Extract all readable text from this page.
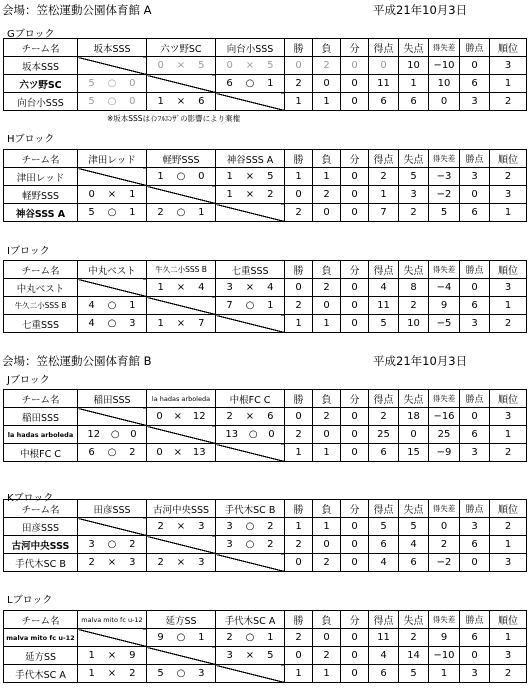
会場：笠松運動公園体育館 A	平成21年10月3日
Gブロック
チーム名	坂本SSS	六ツ野SC	向台小SSS	勝	負	分	得点	失点	得失差	勝点	順位
坂本SSS		0 × 5	0 × 5	0	2	0	0	10	−10	0	3
六ツ野SC	5 ○ 0		6 ○ 1	2	0	0	11	1	10	6	1
向台小SSS	5 ○ 0	1 × 6		1	1	0	6	6	0	3	2
※坂本SSSはｲﾝﾌﾙｴﾝｻﾞの影響により棄権
Hブロック
チーム名	津田レッド	軽野SSS	神谷SSS A	勝	負	分	得点	失点	得失差	勝点	順位
津田レッド		1 ○ 0	1 × 5	1	1	0	2	5	−3	3	2
軽野SSS	0 × 1		1 × 2	0	2	0	1	3	−2	0	3
神谷SSS A	5 ○ 1	2 ○ 1		2	0	0	7	2	5	6	1
Iブロック
チーム名	中丸ベスト	牛久二小SSS B	七重SSS	勝	負	分	得点	失点	得失差	勝点	順位
中丸ベスト		1 × 4	3 × 4	0	2	0	4	8	−4	0	3
牛久二小SSS B	4 ○ 1		7 ○ 1	2	0	0	11	2	9	6	1
七重SSS	4 ○ 3	1 × 7		1	1	0	5	10	−5	3	2
会場：笠松運動公園体育館 B	平成21年10月3日
Jブロック
チーム名	稲田SSS	la hadas arboleda	中根FC C	勝	負	分	得点	失点	得失差	勝点	順位
稲田SSS		0 × 12	2 × 6	0	2	0	2	18	−16	0	3
la hadas arboleda	12 ○ 0		13 ○ 0	2	0	0	25	0	25	6	1
中根FC C	6 ○ 2	0 × 13		1	1	0	6	15	−9	3	2
Kブロック
チーム名	田彦SSS	古河中央SSS	手代木SC B	勝	負	分	得点	失点	得失差	勝点	順位
田彦SSS		2 × 3	3 ○ 2	1	1	0	5	5	0	3	2
古河中央SSS	3 ○ 2		3 ○ 2	2	0	0	6	4	2	6	1
手代木SC B	2 × 3	2 × 3		0	2	0	4	6	−2	0	3
Lブロック
チーム名	malva mito fc u-12	延方SS	手代木SC A	勝	負	分	得点	失点	得失差	勝点	順位
malva mito fc u-12		9 ○ 1	2 ○ 1	2	0	0	11	2	9	6	1
延方SS	1 × 9		3 × 5	0	2	0	4	14	−10	0	3
手代木SC A	1 × 2	5 ○ 3		1	1	0	6	5	1	3	2
